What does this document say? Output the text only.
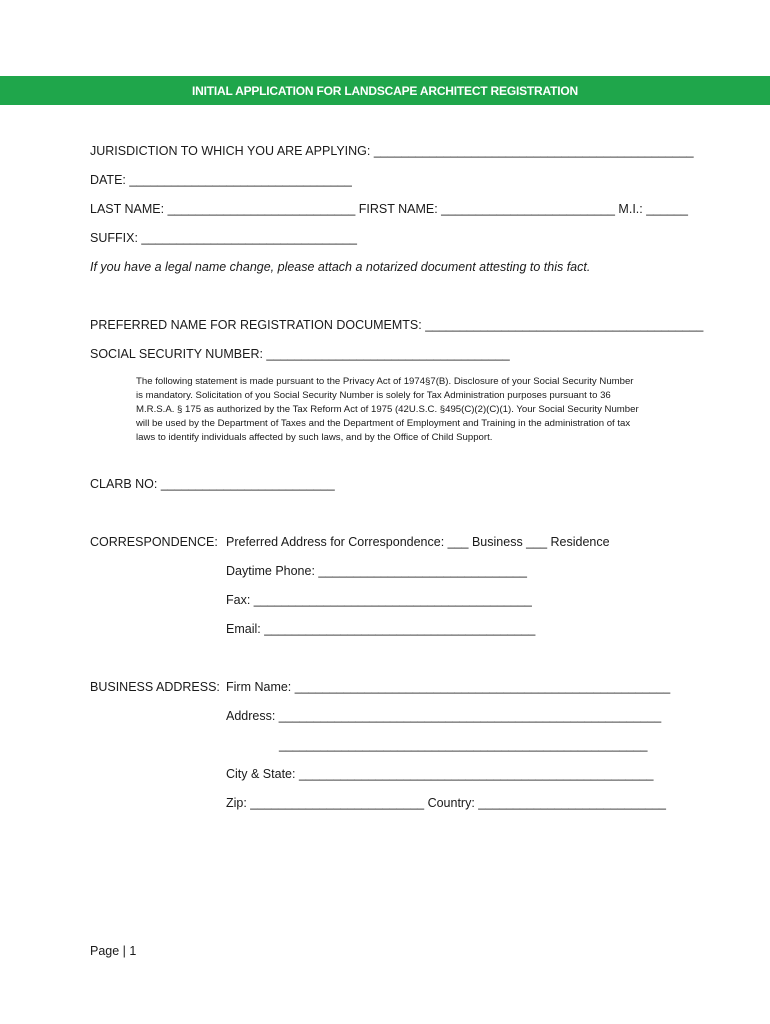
INITIAL APPLICATION FOR LANDSCAPE ARCHITECT REGISTRATION
JURISDICTION TO WHICH YOU ARE APPLYING: ______________________________________________
DATE: ________________________________
LAST NAME: ___________________________ FIRST NAME: _________________________ M.I.: ______
SUFFIX: _______________________________
If you have a legal name change, please attach a notarized document attesting to this fact.
PREFERRED NAME FOR REGISTRATION DOCUMEMTS: ________________________________________
SOCIAL SECURITY NUMBER: ___________________________________
The following statement is made pursuant to the Privacy Act of 1974§7(B). Disclosure of your Social Security Number
is mandatory. Solicitation of you Social Security Number is solely for Tax Administration purposes pursuant to 36
M.R.S.A. § 175 as authorized by the Tax Reform Act of 1975 (42U.S.C. §495(C)(2)(C)(1). Your Social Security Number
will be used by the Department of Taxes and the Department of Employment and Training in the administration of tax
laws to identify individuals affected by such laws, and by the Office of Child Support.
CLARB NO: _________________________
CORRESPONDENCE: Preferred Address for Correspondence: ___ Business ___ Residence
Daytime Phone: ______________________________
Fax: ________________________________________
Email: _______________________________________
BUSINESS ADDRESS: Firm Name: ______________________________________________________
Address: _______________________________________________________
_____________________________________________________
City & State: ___________________________________________________
Zip: _________________________ Country: ___________________________
Page | 1
